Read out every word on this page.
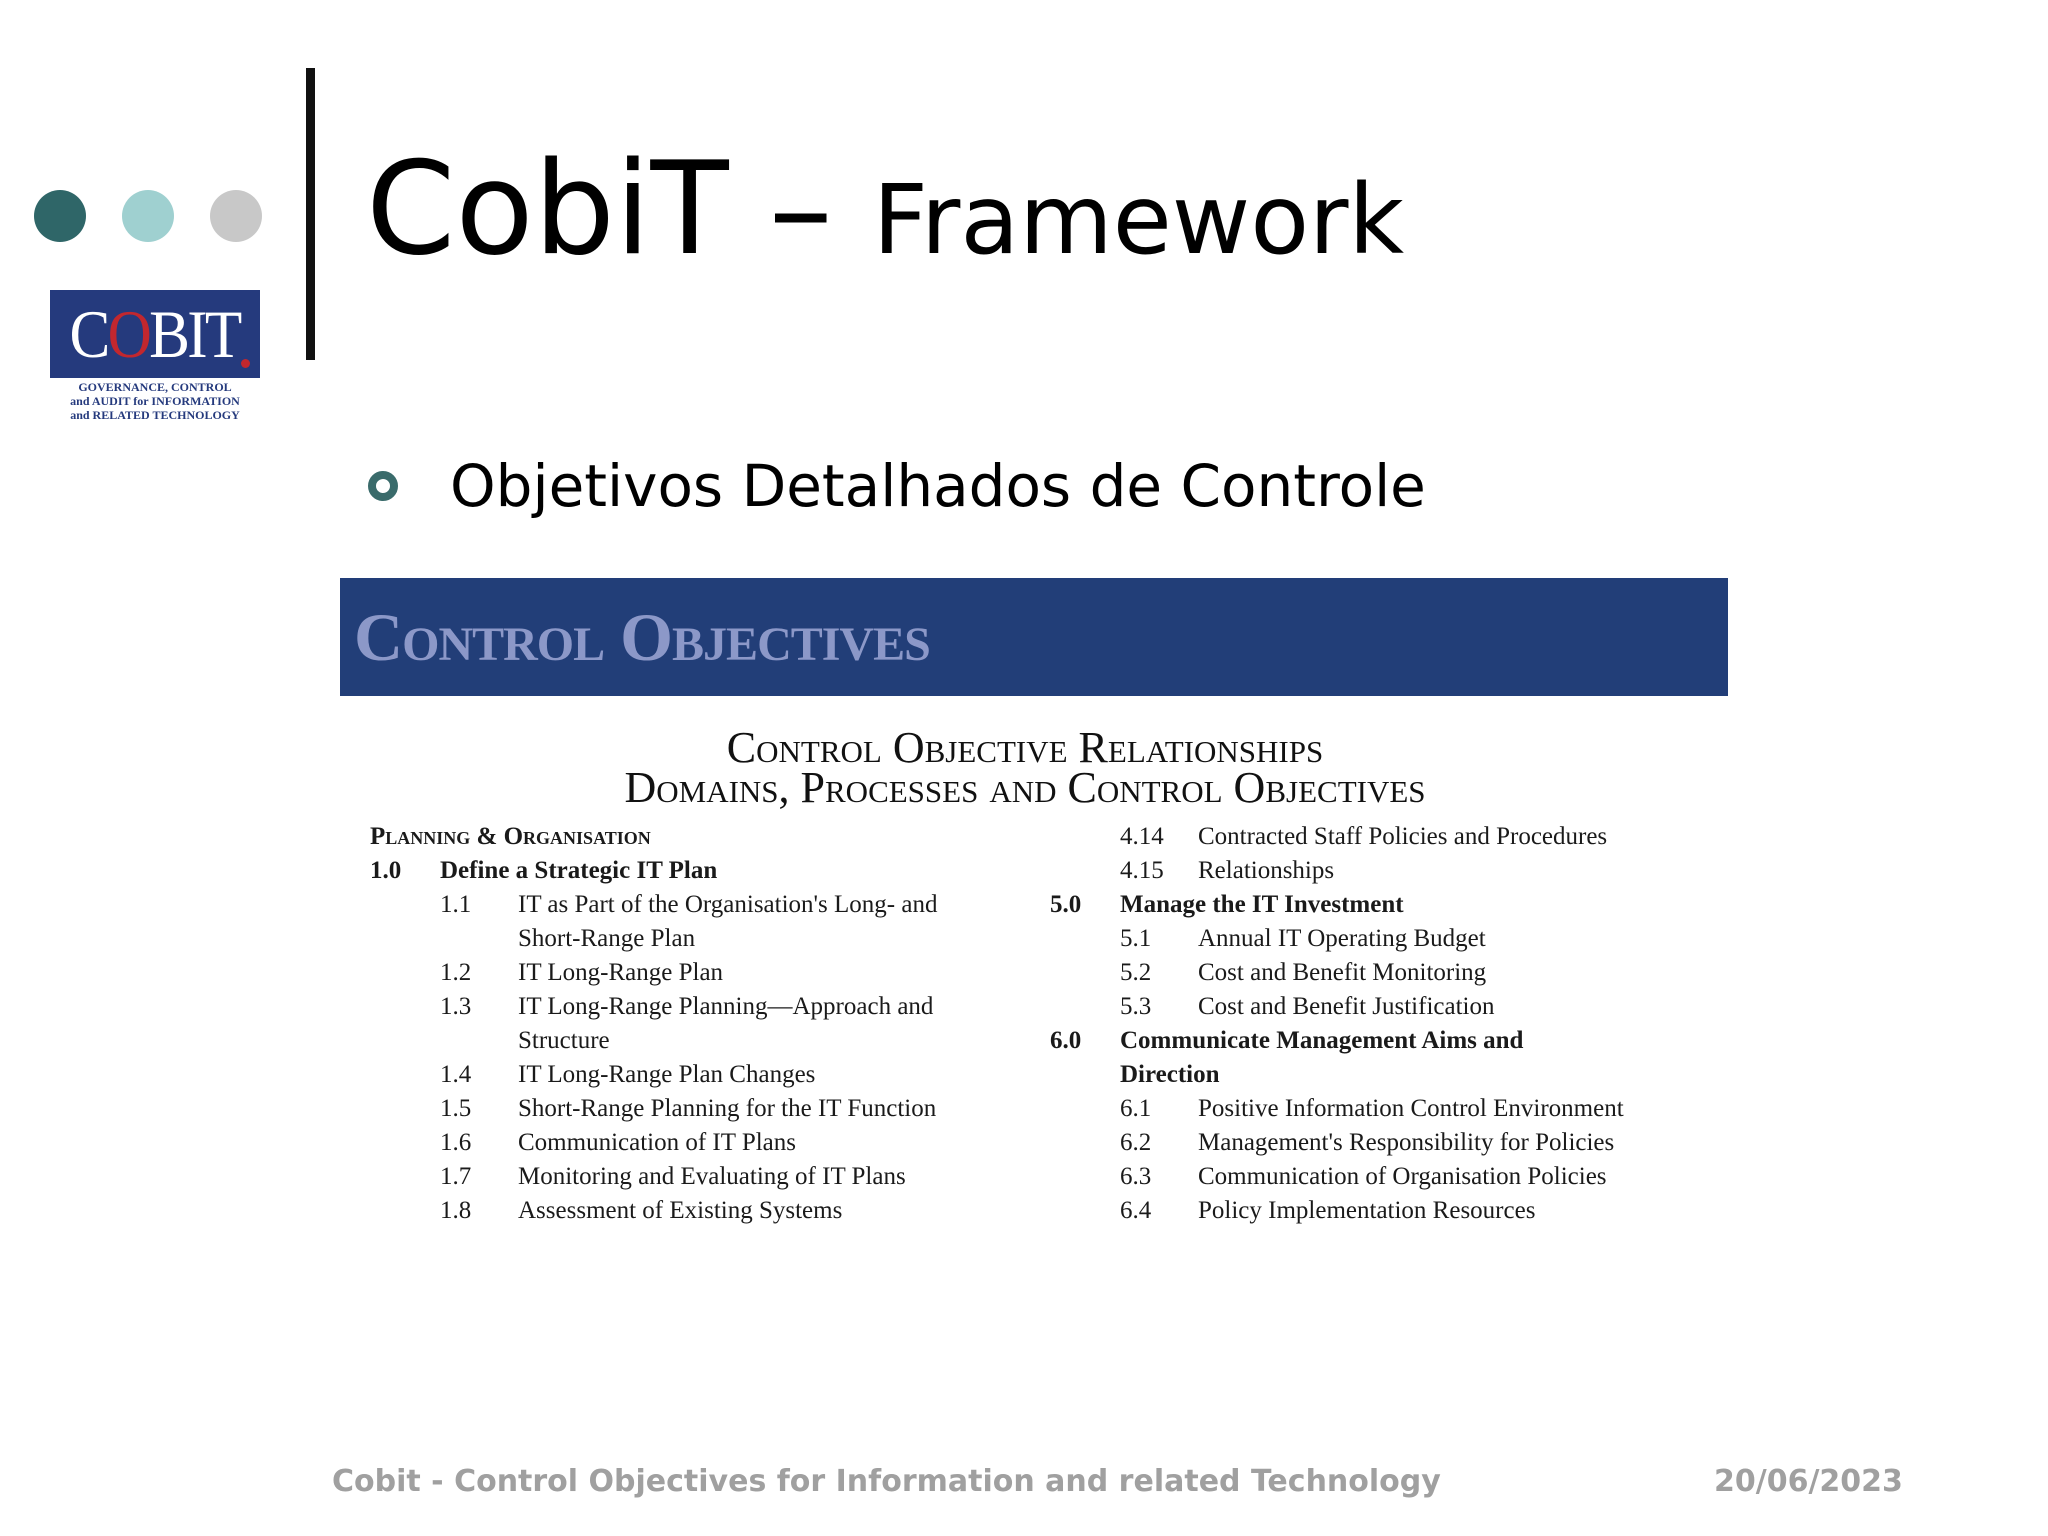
COBIT
GOVERNANCE, CONTROL
and AUDIT for INFORMATION
and RELATED TECHNOLOGY
CobiT – Framework
Objetivos Detalhados de Controle
Control Objectives
Control Objective Relationships
Domains, Processes and Control Objectives
Planning & Organisation
1.0 Define a Strategic IT Plan
1.1 IT as Part of the Organisation's Long- and
Short-Range Plan
1.2 IT Long-Range Plan
1.3 IT Long-Range Planning—Approach and
Structure
1.4 IT Long-Range Plan Changes
1.5 Short-Range Planning for the IT Function
1.6 Communication of IT Plans
1.7 Monitoring and Evaluating of IT Plans
1.8 Assessment of Existing Systems
4.14 Contracted Staff Policies and Procedures
4.15 Relationships
5.0 Manage the IT Investment
5.1 Annual IT Operating Budget
5.2 Cost and Benefit Monitoring
5.3 Cost and Benefit Justification
6.0 Communicate Management Aims and
Direction
6.1 Positive Information Control Environment
6.2 Management's Responsibility for Policies
6.3 Communication of Organisation Policies
6.4 Policy Implementation Resources
Cobit - Control Objectives for Information and related Technology	20/06/2023
